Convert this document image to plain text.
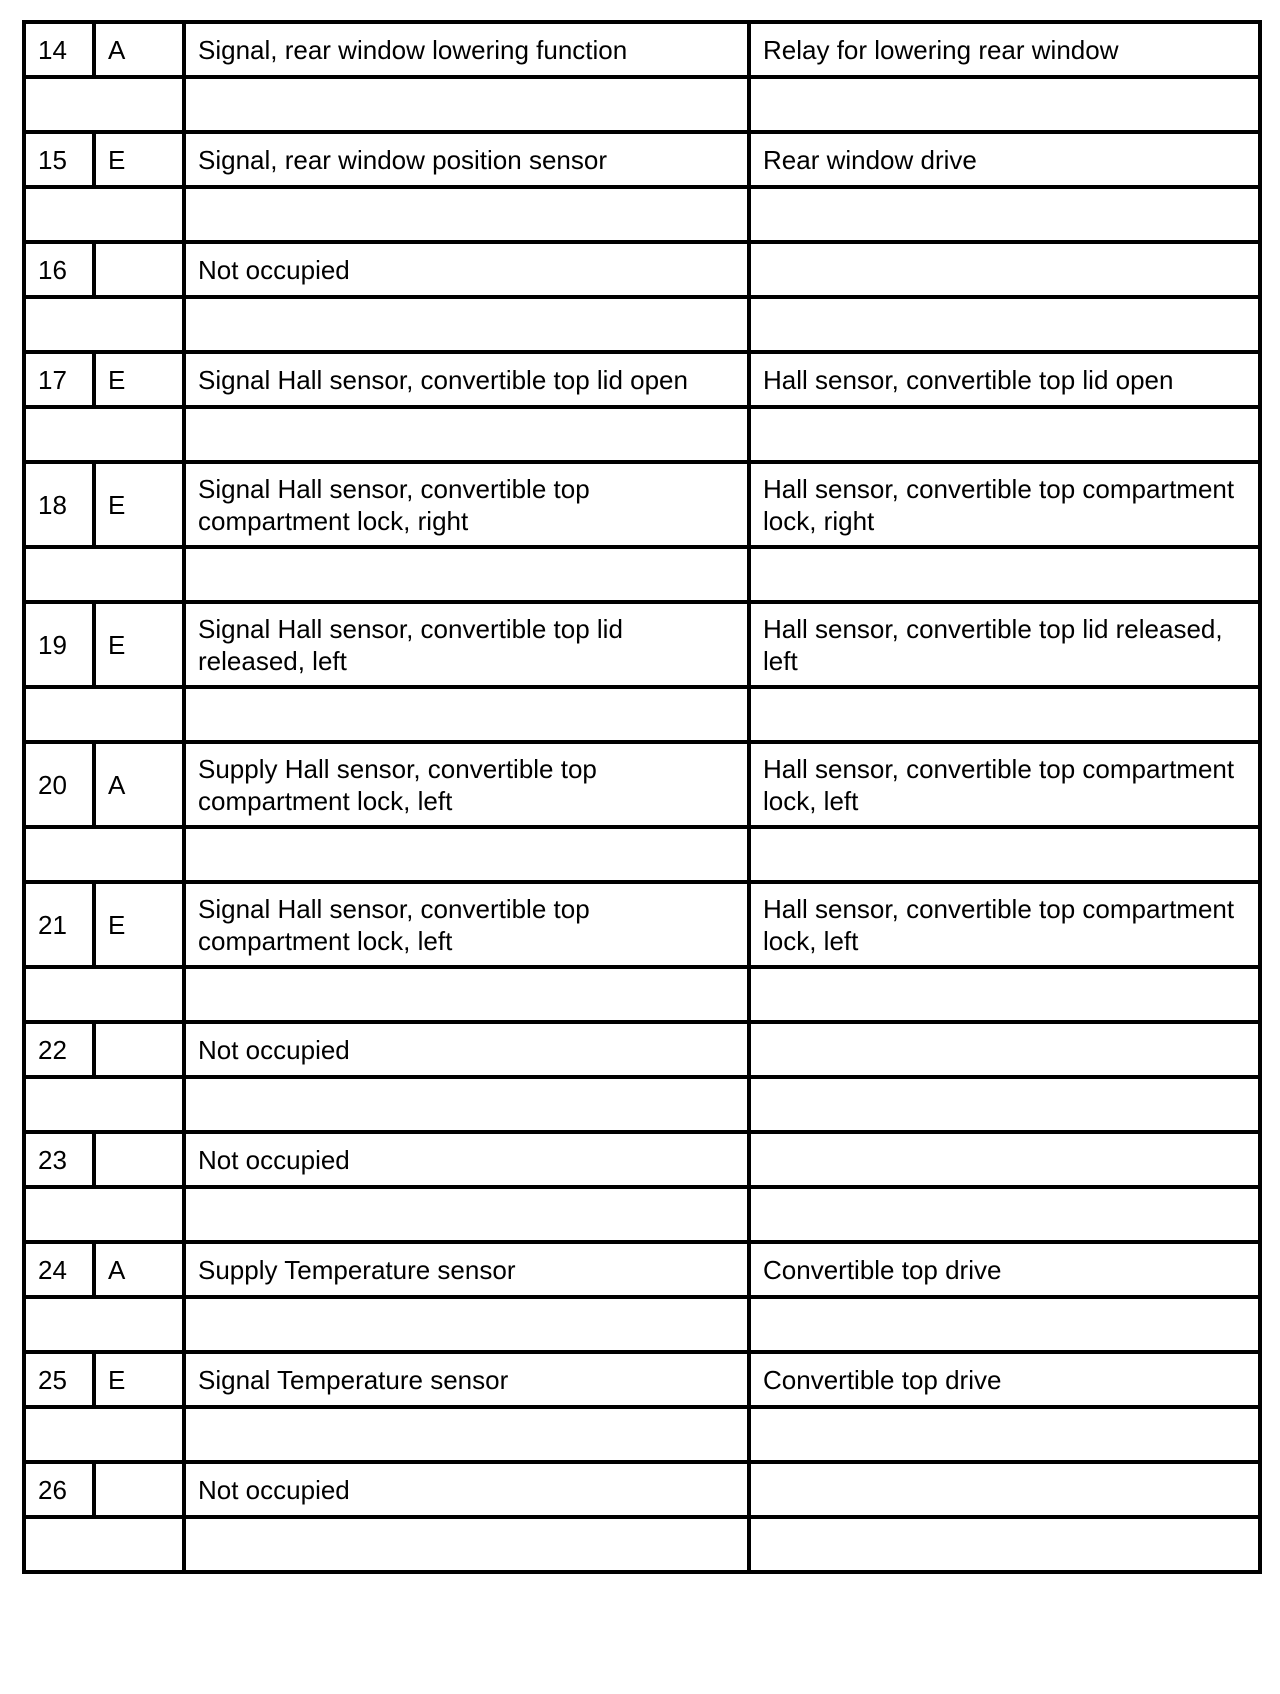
14	A	Signal, rear window lowering function	Relay for lowering rear window

15	E	Signal, rear window position sensor	Rear window drive

16		Not occupied	

17	E	Signal Hall sensor, convertible top lid open	Hall sensor, convertible top lid open

18	E	Signal Hall sensor, convertible top compartment lock, right	Hall sensor, convertible top compartment lock, right

19	E	Signal Hall sensor, convertible top lid released, left	Hall sensor, convertible top lid released, left

20	A	Supply Hall sensor, convertible top compartment lock, left	Hall sensor, convertible top compartment lock, left

21	E	Signal Hall sensor, convertible top compartment lock, left	Hall sensor, convertible top compartment lock, left

22		Not occupied	

23		Not occupied	

24	A	Supply Temperature sensor	Convertible top drive

25	E	Signal Temperature sensor	Convertible top drive

26		Not occupied	
